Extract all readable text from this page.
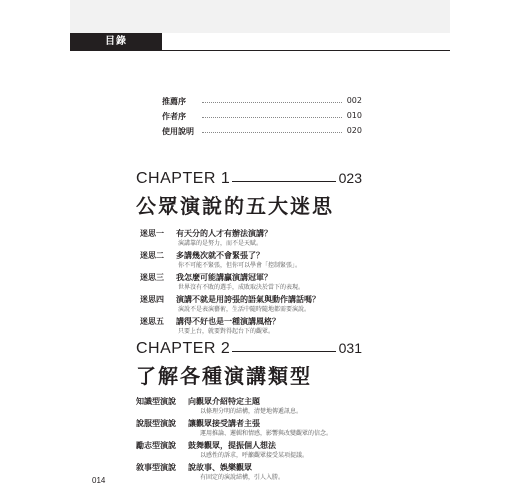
目錄
推薦序	002
作者序	010
使用說明	020
CHAPTER 1	023
公眾演說的五大迷思
迷思一 有天分的人才有辦法演講？
演講靠的是努力，而不是天賦。
迷思二 多講幾次就不會緊張了？
你不可能不緊張，但你可以學會「控制緊張」。
迷思三 我怎麼可能講贏演講冠軍？
世界沒有不敗的選手，成敗取決於當下的表現。
迷思四 演講不就是用誇張的語氣與動作講話嗎？
演說不是表演藝術，生活中隨時隨地都需要演說。
迷思五 講得不好也是一種演講風格？
只要上台，就要對得起台下的觀眾。
CHAPTER 2	031
了解各種演講類型
知識型演說 向觀眾介紹特定主題
以條理分明的結構，清楚地傳遞訊息。
說服型演說 讓觀眾接受講者主張
運用推論、邏輯和情感，影響與改變觀眾的信念。
勵志型演說 鼓舞觀眾，提振個人想法
以感性的訴求，呼籲觀眾接受某項提議。
敘事型演說 說故事、娛樂觀眾
有固定的演說結構，引人入勝。
014
